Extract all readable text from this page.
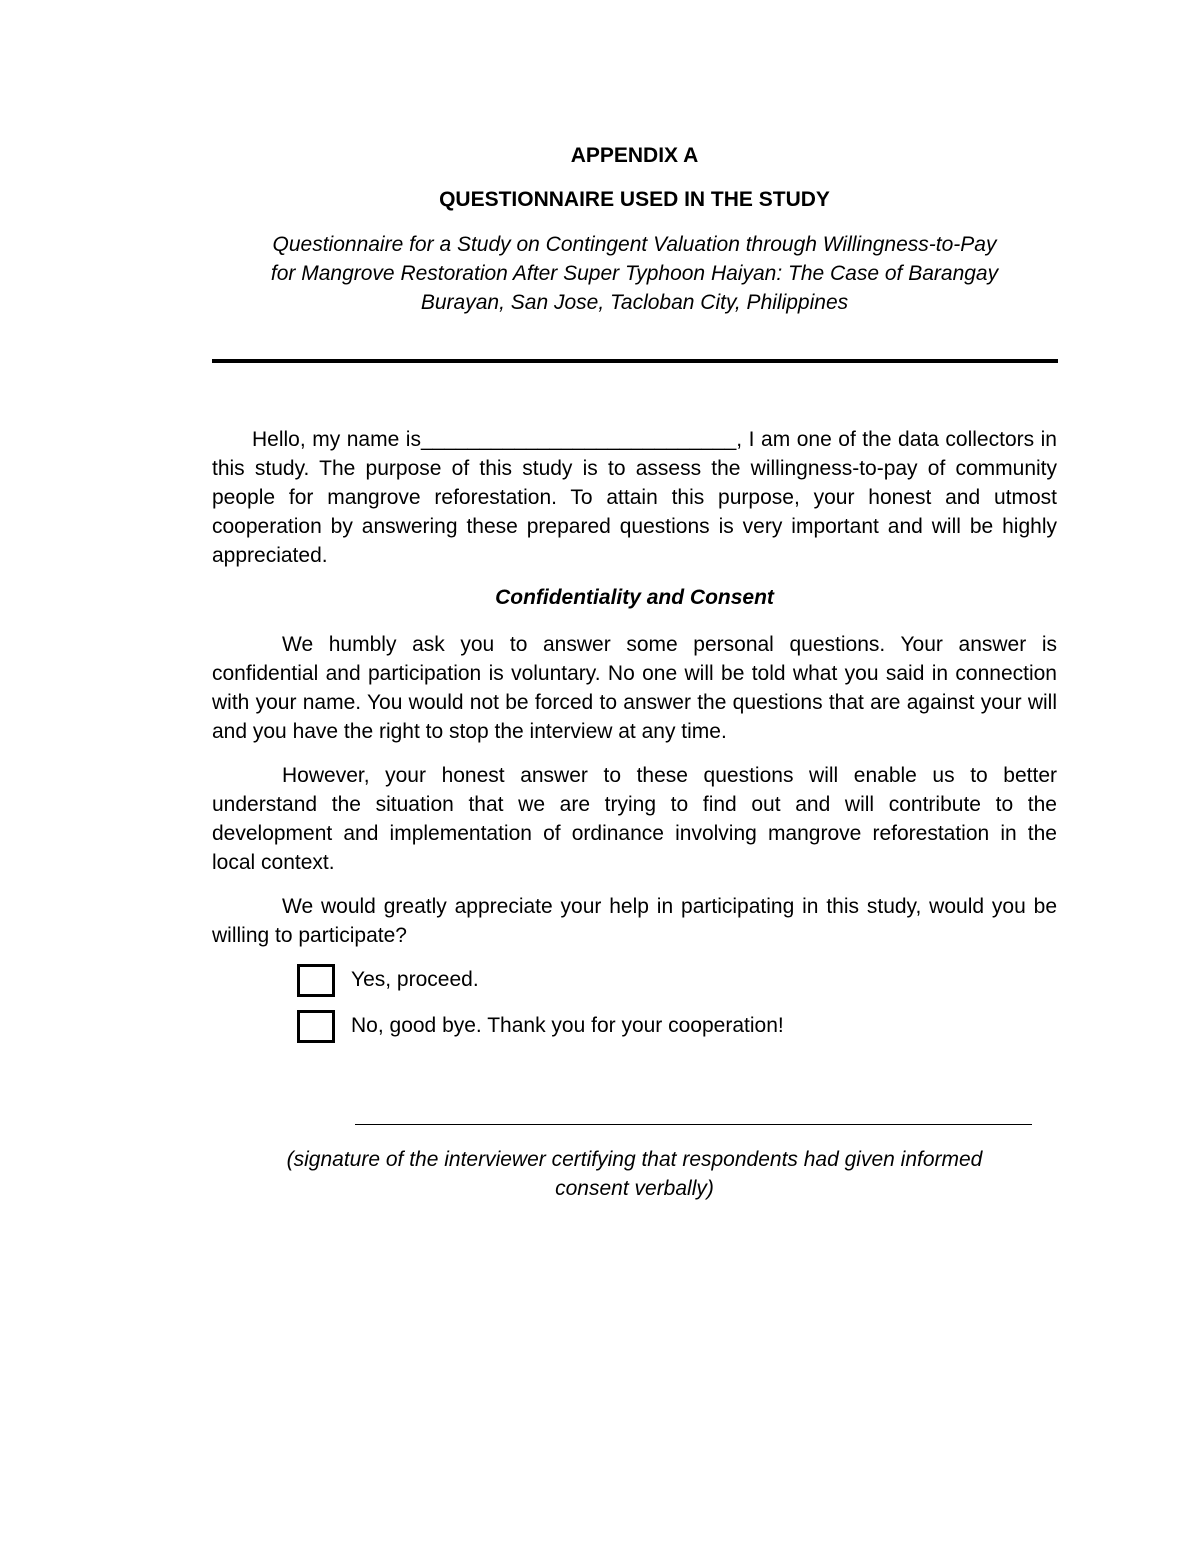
APPENDIX A

QUESTIONNAIRE USED IN THE STUDY

Questionnaire for a Study on Contingent Valuation through Willingness-to-Pay
for Mangrove Restoration After Super Typhoon Haiyan: The Case of Barangay
Burayan, San Jose, Tacloban City, Philippines

Hello, my name is___________________________, I am one of the data collectors in this study. The purpose of this study is to assess the willingness-to-pay of community people for mangrove reforestation. To attain this purpose, your honest and utmost cooperation by answering these prepared questions is very important and will be highly appreciated.

Confidentiality and Consent

We humbly ask you to answer some personal questions. Your answer is confidential and participation is voluntary. No one will be told what you said in connection with your name. You would not be forced to answer the questions that are against your will and you have the right to stop the interview at any time.

However, your honest answer to these questions will enable us to better understand the situation that we are trying to find out and will contribute to the development and implementation of ordinance involving mangrove reforestation in the local context.

We would greatly appreciate your help in participating in this study, would you be willing to participate?

Yes, proceed.
No, good bye. Thank you for your cooperation!
(signature of the interviewer certifying that respondents had given informed
consent verbally)
